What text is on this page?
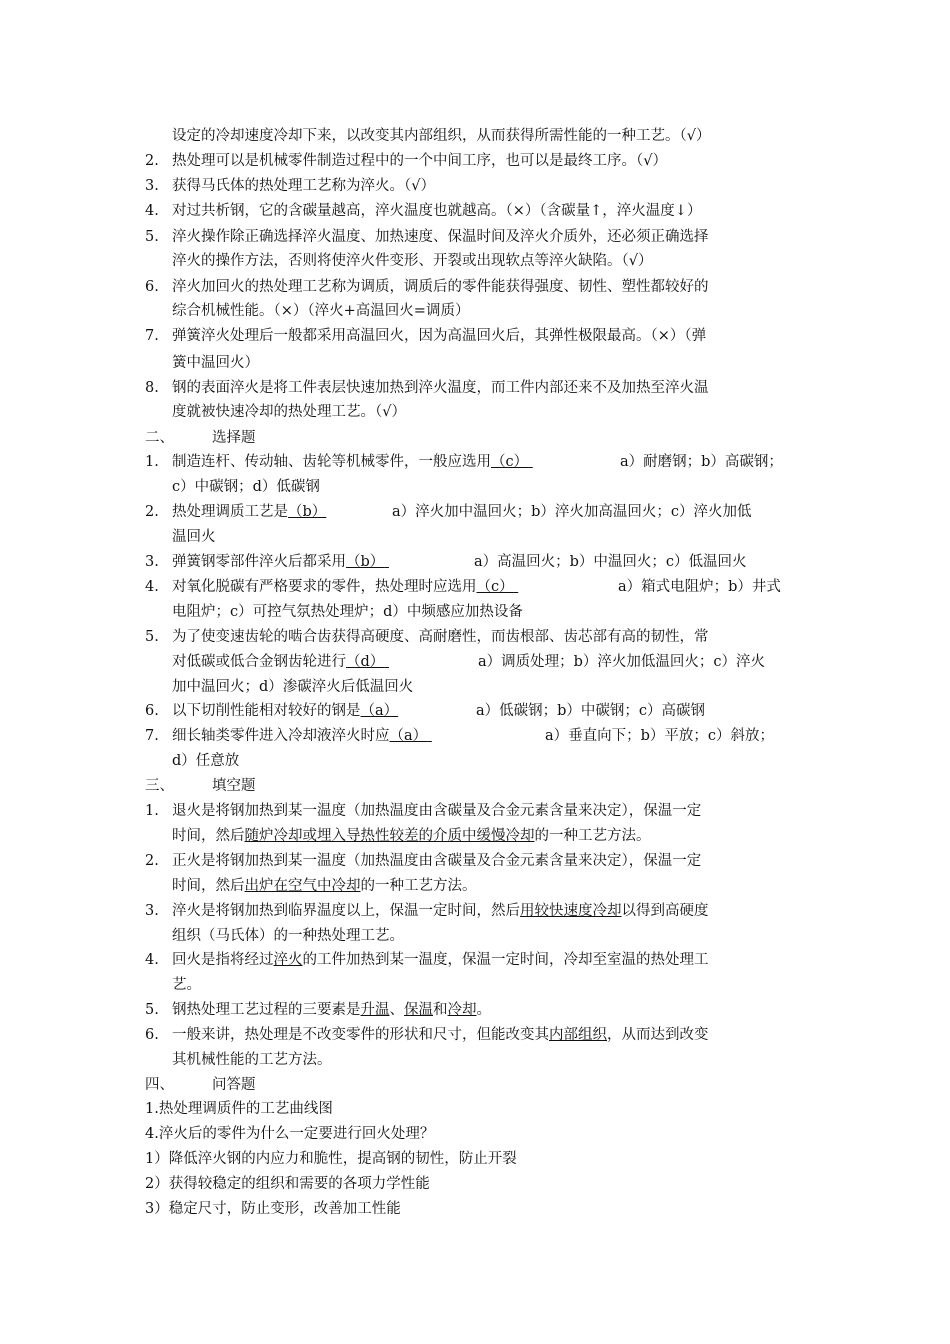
设定的冷却速度冷却下来，以改变其内部组织，从而获得所需性能的一种工艺。（√）
2. 热处理可以是机械零件制造过程中的一个中间工序，也可以是最终工序。（√）
3. 获得马氏体的热处理工艺称为淬火。（√）
4. 对过共析钢，它的含碳量越高，淬火温度也就越高。（×）（含碳量↑，淬火温度↓）
5. 淬火操作除正确选择淬火温度、加热速度、保温时间及淬火介质外，还必须正确选择
淬火的操作方法，否则将使淬火件变形、开裂或出现软点等淬火缺陷。（√）
6. 淬火加回火的热处理工艺称为调质，调质后的零件能获得强度、韧性、塑性都较好的
综合机械性能。（×）（淬火+高温回火=调质）
7. 弹簧淬火处理后一般都采用高温回火，因为高温回火后，其弹性极限最高。（×）（弹
簧中温回火）
8. 钢的表面淬火是将工件表层快速加热到淬火温度，而工件内部还来不及加热至淬火温
度就被快速冷却的热处理工艺。（√）
二、	选择题
1. 制造连杆、传动轴、齿轮等机械零件，一般应选用（c）	a）耐磨钢；b）高碳钢；
c）中碳钢；d）低碳钢
2. 热处理调质工艺是（b）	a）淬火加中温回火；b）淬火加高温回火；c）淬火加低
温回火
3. 弹簧钢零部件淬火后都采用（b）	a）高温回火；b）中温回火；c）低温回火
4. 对氧化脱碳有严格要求的零件，热处理时应选用（c）	a）箱式电阻炉；b）井式
电阻炉；c）可控气氛热处理炉；d）中频感应加热设备
5. 为了使变速齿轮的啮合齿获得高硬度、高耐磨性，而齿根部、齿芯部有高的韧性，常
对低碳或低合金钢齿轮进行（d）	a）调质处理；b）淬火加低温回火；c）淬火
加中温回火；d）渗碳淬火后低温回火
6. 以下切削性能相对较好的钢是（a）	a）低碳钢；b）中碳钢；c）高碳钢
7. 细长轴类零件进入冷却液淬火时应（a）	a）垂直向下；b）平放；c）斜放；
d）任意放
三、	填空题
1. 退火是将钢加热到某一温度（加热温度由含碳量及合金元素含量来决定），保温一定
时间，然后随炉冷却或埋入导热性较差的介质中缓慢冷却的一种工艺方法。
2. 正火是将钢加热到某一温度（加热温度由含碳量及合金元素含量来决定），保温一定
时间，然后出炉在空气中冷却的一种工艺方法。
3. 淬火是将钢加热到临界温度以上，保温一定时间，然后用较快速度冷却以得到高硬度
组织（马氏体）的一种热处理工艺。
4. 回火是指将经过淬火的工件加热到某一温度，保温一定时间，冷却至室温的热处理工
艺。
5. 钢热处理工艺过程的三要素是升温、保温和冷却。
6. 一般来讲，热处理是不改变零件的形状和尺寸，但能改变其内部组织，从而达到改变
其机械性能的工艺方法。
四、	问答题
1.热处理调质件的工艺曲线图
4.淬火后的零件为什么一定要进行回火处理？
1）降低淬火钢的内应力和脆性，提高钢的韧性，防止开裂
2）获得较稳定的组织和需要的各项力学性能
3）稳定尺寸，防止变形，改善加工性能
